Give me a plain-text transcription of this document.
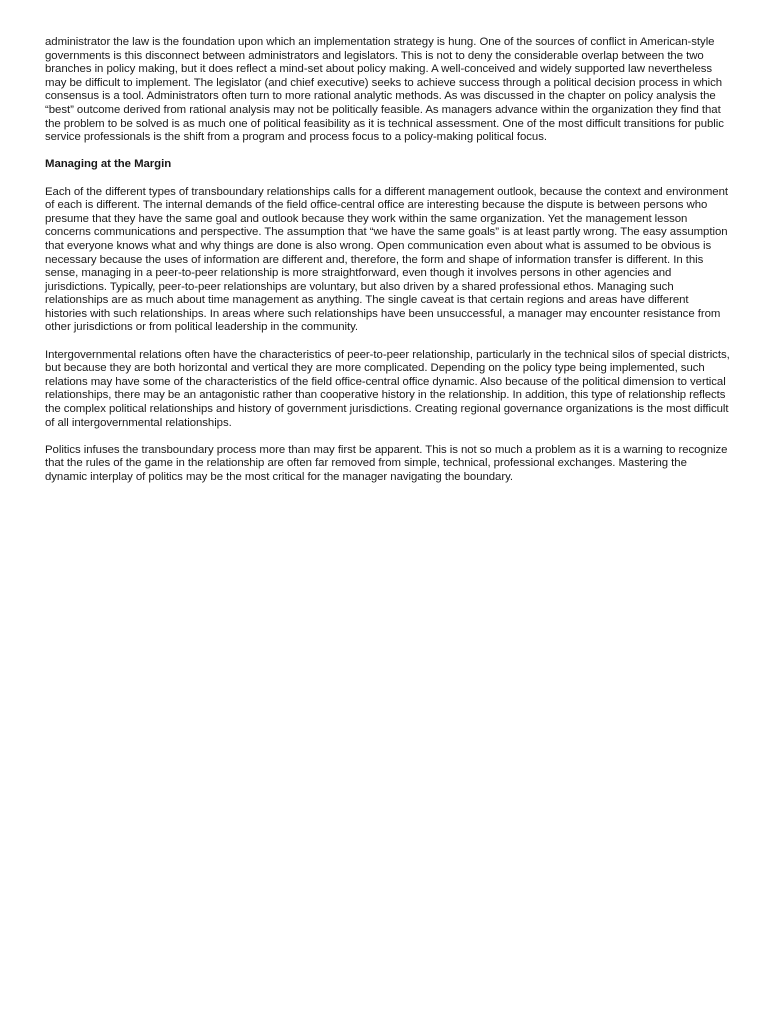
administrator the law is the foundation upon which an implementation strategy is hung. One of the sources of conflict in American-style governments is this disconnect between administrators and legislators. This is not to deny the considerable overlap between the two branches in policy making, but it does reflect a mind-set about policy making. A well-conceived and widely supported law nevertheless may be difficult to implement. The legislator (and chief executive) seeks to achieve success through a political decision process in which consensus is a tool. Administrators often turn to more rational analytic methods. As was discussed in the chapter on policy analysis the “best” outcome derived from rational analysis may not be politically feasible. As managers advance within the organization they find that the problem to be solved is as much one of political feasibility as it is technical assessment. One of the most difficult transitions for public service professionals is the shift from a program and process focus to a policy-making political focus.

Managing at the Margin

Each of the different types of transboundary relationships calls for a different management outlook, because the context and environment of each is different. The internal demands of the field office-central office are interesting because the dispute is between persons who presume that they have the same goal and outlook because they work within the same organization. Yet the management lesson concerns communications and perspective. The assumption that “we have the same goals” is at least partly wrong. The easy assumption that everyone knows what and why things are done is also wrong. Open communication even about what is assumed to be obvious is necessary because the uses of information are different and, therefore, the form and shape of information transfer is different. In this sense, managing in a peer-to-peer relationship is more straightforward, even though it involves persons in other agencies and jurisdictions. Typically, peer-to-peer relationships are voluntary, but also driven by a shared professional ethos. Managing such relationships are as much about time management as anything. The single caveat is that certain regions and areas have different histories with such relationships. In areas where such relationships have been unsuccessful, a manager may encounter resistance from other jurisdictions or from political leadership in the community.

Intergovernmental relations often have the characteristics of peer-to-peer relationship, particularly in the technical silos of special districts, but because they are both horizontal and vertical they are more complicated. Depending on the policy type being implemented, such relations may have some of the characteristics of the field office-central office dynamic. Also because of the political dimension to vertical relationships, there may be an antagonistic rather than cooperative history in the relationship. In addition, this type of relationship reflects the complex political relationships and history of government jurisdictions. Creating regional governance organizations is the most difficult of all intergovernmental relationships.

Politics infuses the transboundary process more than may first be apparent. This is not so much a problem as it is a warning to recognize that the rules of the game in the relationship are often far removed from simple, technical, professional exchanges. Mastering the dynamic interplay of politics may be the most critical for the manager navigating the boundary.
